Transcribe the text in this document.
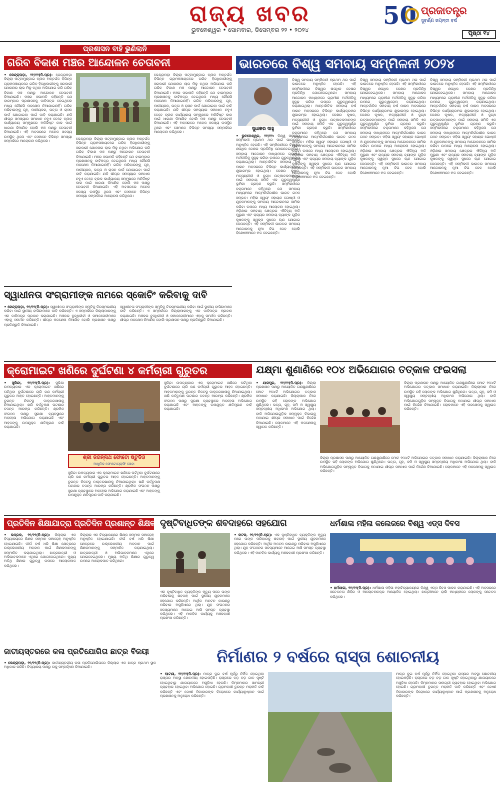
ରାଜ୍ୟ ଖବର
ଭୁବନେଶ୍ୱର • ସୋମବାର, ଡିସେମ୍ବର ୨୨ • ୨୦୨୪
50 ପ୍ରଜାତନ୍ତ୍ର
ସୁବର୍ଣ୍ଣ ଜୟନ୍ତୀ ବର୍ଷ
ପୃଷ୍ଠା ୧୪
ପ୍ରଶାସନ ବାହି ଭୁଣିଲାନି
ଗରିବ ବିକାଶ ମଞ୍ଚର ଆନ୍ଦୋଳନ ଚେତାବନୀ
• କେନ୍ଦ୍ରାପଡ଼ା, ୨୧/୧୨(ନି.ପ୍ର): କେନ୍ଦ୍ରାପଡ଼ା ଜିଲ୍ଲା ପଟ୍ଟାମୁଣ୍ଡାଇ ବ୍ଲକ ଅନ୍ତର୍ଗତ ବିଭିନ୍ନ ଗ୍ରାମପଞ୍ଚାୟତରେ ଗରିବ ହିତାଧିକାରୀଙ୍କୁ ସରକାରୀ ଯୋଜନାର ଲାଭ ମିଳୁ ନଥିବା ଅଭିଯୋଗ କରି ଗରିବ ବିକାଶ ମଞ୍ଚ ପକ୍ଷରୁ ଆନ୍ଦୋଳନ ଚେତାବନୀ ଦିଆଯାଇଛି। ମଞ୍ଚର ସଭାପତି କହିଛନ୍ତି ଯେ ବାରମ୍ବାର ପ୍ରଶାସନକୁ ଦାବିପତ୍ର ଦେଇଥିଲେ ମଧ୍ୟ କୌଣସି ପଦକ୍ଷେପ ନିଆଯାଇନାହିଁ। ଗରିବ ପରିବାରଙ୍କୁ ଗୃହ, ପାନୀୟଜଳ, ଭତ୍ତା ଓ ରାସନ କାର୍ଡ ଯୋଗାଇବା ପାଇଁ ଦାବି କରାଯାଇଛି। ଯଦି ଶୀଘ୍ର ସମସ୍ୟାର ସମାଧାନ ନହୁଏ ତେବେ ବ୍ଲକ କାର୍ଯ୍ୟାଳୟ ସମ୍ମୁଖରେ ଅନିର୍ଦ୍ଦିଷ୍ଟ କାଳ ପାଇଁ ଧାରଣା ଦିଆଯିବ ବୋଲି ମଞ୍ଚ ପକ୍ଷରୁ ଚେତାବନୀ ଦିଆଯାଇଛି। ଏହି ଅବସରରେ ଅନେକ ସଦସ୍ୟ ଉପସ୍ଥିତ ଥିଲେ ଏବଂ ସେମାନେ ବିଭିନ୍ନ ସମସ୍ୟା ସମ୍ପର୍କରେ ଆଲୋଚନା କରିଥିଲେ।
କେନ୍ଦ୍ରାପଡ଼ା ଜିଲ୍ଲା ପଟ୍ଟାମୁଣ୍ଡାଇ ବ୍ଲକ ଅନ୍ତର୍ଗତ ବିଭିନ୍ନ ଗ୍ରାମପଞ୍ଚାୟତରେ ଗରିବ ହିତାଧିକାରୀଙ୍କୁ ସରକାରୀ ଯୋଜନାର ଲାଭ ମିଳୁ ନଥିବା ଅଭିଯୋଗ କରି ଗରିବ ବିକାଶ ମଞ୍ଚ ପକ୍ଷରୁ ଆନ୍ଦୋଳନ ଚେତାବନୀ ଦିଆଯାଇଛି। ମଞ୍ଚର ସଭାପତି କହିଛନ୍ତି ଯେ ବାରମ୍ବାର ପ୍ରଶାସନକୁ ଦାବିପତ୍ର ଦେଇଥିଲେ ମଧ୍ୟ କୌଣସି ପଦକ୍ଷେପ ନିଆଯାଇନାହିଁ। ଗରିବ ପରିବାରଙ୍କୁ ଗୃହ, ପାନୀୟଜଳ, ଭତ୍ତା ଓ ରାସନ କାର୍ଡ ଯୋଗାଇବା ପାଇଁ ଦାବି କରାଯାଇଛି। ଯଦି ଶୀଘ୍ର ସମସ୍ୟାର ସମାଧାନ ନହୁଏ ତେବେ ବ୍ଲକ କାର୍ଯ୍ୟାଳୟ ସମ୍ମୁଖରେ ଅନିର୍ଦ୍ଦିଷ୍ଟ କାଳ ପାଇଁ ଧାରଣା ଦିଆଯିବ ବୋଲି ମଞ୍ଚ ପକ୍ଷରୁ ଚେତାବନୀ ଦିଆଯାଇଛି। ଏହି ଅବସରରେ ଅନେକ ସଦସ୍ୟ ଉପସ୍ଥିତ ଥିଲେ ଏବଂ ସେମାନେ ବିଭିନ୍ନ ସମସ୍ୟା ସମ୍ପର୍କରେ ଆଲୋଚନା କରିଥିଲେ।
କେନ୍ଦ୍ରାପଡ଼ା ଜିଲ୍ଲା ପଟ୍ଟାମୁଣ୍ଡାଇ ବ୍ଲକ ଅନ୍ତର୍ଗତ ବିଭିନ୍ନ ଗ୍ରାମପଞ୍ଚାୟତରେ ଗରିବ ହିତାଧିକାରୀଙ୍କୁ ସରକାରୀ ଯୋଜନାର ଲାଭ ମିଳୁ ନଥିବା ଅଭିଯୋଗ କରି ଗରିବ ବିକାଶ ମଞ୍ଚ ପକ୍ଷରୁ ଆନ୍ଦୋଳନ ଚେତାବନୀ ଦିଆଯାଇଛି। ମଞ୍ଚର ସଭାପତି କହିଛନ୍ତି ଯେ ବାରମ୍ବାର ପ୍ରଶାସନକୁ ଦାବିପତ୍ର ଦେଇଥିଲେ ମଧ୍ୟ କୌଣସି ପଦକ୍ଷେପ ନିଆଯାଇନାହିଁ। ଗରିବ ପରିବାରଙ୍କୁ ଗୃହ, ପାନୀୟଜଳ, ଭତ୍ତା ଓ ରାସନ କାର୍ଡ ଯୋଗାଇବା ପାଇଁ ଦାବି କରାଯାଇଛି। ଯଦି ଶୀଘ୍ର ସମସ୍ୟାର ସମାଧାନ ନହୁଏ ତେବେ ବ୍ଲକ କାର୍ଯ୍ୟାଳୟ ସମ୍ମୁଖରେ ଅନିର୍ଦ୍ଦିଷ୍ଟ କାଳ ପାଇଁ ଧାରଣା ଦିଆଯିବ ବୋଲି ମଞ୍ଚ ପକ୍ଷରୁ ଚେତାବନୀ ଦିଆଯାଇଛି। ଏହି ଅବସରରେ ଅନେକ ସଦସ୍ୟ ଉପସ୍ଥିତ ଥିଲେ ଏବଂ ସେମାନେ ବିଭିନ୍ନ ସମସ୍ୟା ସମ୍ପର୍କରେ ଆଲୋଚନା କରିଥିଲେ।
ସ୍ୱାଧୀନତା ସଂଗ୍ରାମୀଙ୍କ ନାମରେ ସ୍କୋଚିଂ କରିବାକୁ ଦାବି
• କେନ୍ଦ୍ରାପଡ଼ା, ୨୧/୧୨(ନି.ପ୍ର): ସ୍ୱାଧୀନତା ସଂଗ୍ରାମୀଙ୍କ ସ୍ମୃତିକୁ ଚିରସ୍ମରଣୀୟ କରିବା ପାଇଁ ସ୍ଥାନୀୟ ବାସିନ୍ଦାମାନେ ଦାବି କରିଛନ୍ତି। ଏ ସମ୍ପର୍କରେ ଜିଲ୍ଲାପାଳଙ୍କୁ ଏକ ଦାବିପତ୍ର ପ୍ରଦାନ କରାଯାଇଛି। ଅଞ୍ଚଳର ବୁଦ୍ଧିଜୀବୀ ଓ ସମାଜସେବୀମାନେ ଏହାକୁ ସମର୍ଥନ କରିଛନ୍ତି। ଶୀଘ୍ର ପଦକ୍ଷେପ ନିଆଯିବ ବୋଲି ପ୍ରଶାସନ ପକ୍ଷରୁ ପ୍ରତିଶ୍ରୁତି ଦିଆଯାଇଛି।
ସ୍ୱାଧୀନତା ସଂଗ୍ରାମୀଙ୍କ ସ୍ମୃତିକୁ ଚିରସ୍ମରଣୀୟ କରିବା ପାଇଁ ସ୍ଥାନୀୟ ବାସିନ୍ଦାମାନେ ଦାବି କରିଛନ୍ତି। ଏ ସମ୍ପର୍କରେ ଜିଲ୍ଲାପାଳଙ୍କୁ ଏକ ଦାବିପତ୍ର ପ୍ରଦାନ କରାଯାଇଛି। ଅଞ୍ଚଳର ବୁଦ୍ଧିଜୀବୀ ଓ ସମାଜସେବୀମାନେ ଏହାକୁ ସମର୍ଥନ କରିଛନ୍ତି। ଶୀଘ୍ର ପଦକ୍ଷେପ ନିଆଯିବ ବୋଲି ପ୍ରଶାସନ ପକ୍ଷରୁ ପ୍ରତିଶ୍ରୁତି ଦିଆଯାଇଛି।
ଭାରତରେ ବିଶ୍ୱ ସମବାୟ ସମ୍ମିଳନୀ ୨୦୨୪
ସୁଧାକର ସାହୁ
• ଭୁବନେଶ୍ୱର, ୨୧/୧୨: ବିଶ୍ୱ ସମବାୟ ସମ୍ମିଳନୀ ପ୍ରଥମ ଥର ପାଇଁ ଭାରତରେ ଅନୁଷ୍ଠିତ ହେଉଛି। ଏହି ସମ୍ମିଳନୀରେ ବିଶ୍ୱର ଶତାଧିକ ଦେଶର ପ୍ରତିନିଧି ଯୋଗଦେଇଥିଲେ। ସମବାୟ ଆନ୍ଦୋଳନ ମାଧ୍ୟମରେ ଗ୍ରାମୀଣ ଅର୍ଥନୀତିକୁ ସୁଦୃଢ଼ କରିବା ଉପରେ ଗୁରୁତ୍ୱାରୋପ କରାଯାଇଥିଲା। ଆନ୍ତର୍ଜାତିକ ସମବାୟ ବର୍ଷ ପାଳନ ଅବସରରେ ବିଭିନ୍ନ କାର୍ଯ୍ୟକ୍ରମର ଶୁଭାରମ୍ଭ ହୋଇଥିଲା। ଦେଶର କୃଷକ, ମତ୍ସ୍ୟଜୀବୀ ଓ ଦୁଗ୍ଧ ଉତ୍ପାଦକମାନଙ୍କ ପାଇଁ ସମବାୟ ସମିତି ଏକ ଗୁରୁତ୍ୱପୂର୍ଣ୍ଣ ଭୂମିକା ଗ୍ରହଣ କରୁଛି। ସମ୍ମିଳନୀରେ ବକ୍ତାମାନେ କହିଥିଲେ ଯେ ସମବାୟ ମାଧ୍ୟମରେ ଆତ୍ମନିର୍ଭରଶୀଳ ଭାରତ ଗଠନ ସମ୍ଭବ। ମହିଳା ସ୍ୱୟଂ ସହାୟକ ଗୋଷ୍ଠୀ ଓ ଯୁବକମାନଙ୍କୁ ସମବାୟ ଆନ୍ଦୋଳନରେ ସାମିଲ କରିବା ଉପରେ ମଧ୍ୟ ଆଲୋଚନା ହୋଇଥିଲା। ଓଡ଼ିଶାର ସମବାୟ କ୍ଷେତ୍ରର ଐତିହ୍ୟ ଅତି ପୁରୁଣା ଏବଂ ରାଜ୍ୟର ସମବାୟ ବ୍ୟାଙ୍କ ଗୁଡ଼ିକ କୃଷକଙ୍କୁ ସ୍ୱଳ୍ପ ସୁଧରେ ଋଣ ଯୋଗାଇ ଦେଉଛନ୍ତି। ଏହି ସମ୍ମିଳନୀ ଭାରତର ସମବାୟ ଆନ୍ଦୋଳନକୁ ନୂଆ ଦିଗ ଦେବ ବୋଲି ବିଶେଷଜ୍ଞମାନେ ମତ ଦେଇଛନ୍ତି।
ବିଶ୍ୱ ସମବାୟ ସମ୍ମିଳନୀ ପ୍ରଥମ ଥର ପାଇଁ ଭାରତରେ ଅନୁଷ୍ଠିତ ହେଉଛି। ଏହି ସମ୍ମିଳନୀରେ ବିଶ୍ୱର ଶତାଧିକ ଦେଶର ପ୍ରତିନିଧି ଯୋଗଦେଇଥିଲେ। ସମବାୟ ଆନ୍ଦୋଳନ ମାଧ୍ୟମରେ ଗ୍ରାମୀଣ ଅର୍ଥନୀତିକୁ ସୁଦୃଢ଼ କରିବା ଉପରେ ଗୁରୁତ୍ୱାରୋପ କରାଯାଇଥିଲା। ଆନ୍ତର୍ଜାତିକ ସମବାୟ ବର୍ଷ ପାଳନ ଅବସରରେ ବିଭିନ୍ନ କାର୍ଯ୍ୟକ୍ରମର ଶୁଭାରମ୍ଭ ହୋଇଥିଲା। ଦେଶର କୃଷକ, ମତ୍ସ୍ୟଜୀବୀ ଓ ଦୁଗ୍ଧ ଉତ୍ପାଦକମାନଙ୍କ ପାଇଁ ସମବାୟ ସମିତି ଏକ ଗୁରୁତ୍ୱପୂର୍ଣ୍ଣ ଭୂମିକା ଗ୍ରହଣ କରୁଛି। ସମ୍ମିଳନୀରେ ବକ୍ତାମାନେ କହିଥିଲେ ଯେ ସମବାୟ ମାଧ୍ୟମରେ ଆତ୍ମନିର୍ଭରଶୀଳ ଭାରତ ଗଠନ ସମ୍ଭବ। ମହିଳା ସ୍ୱୟଂ ସହାୟକ ଗୋଷ୍ଠୀ ଓ ଯୁବକମାନଙ୍କୁ ସମବାୟ ଆନ୍ଦୋଳନରେ ସାମିଲ କରିବା ଉପରେ ମଧ୍ୟ ଆଲୋଚନା ହୋଇଥିଲା। ଓଡ଼ିଶାର ସମବାୟ କ୍ଷେତ୍ରର ଐତିହ୍ୟ ଅତି ପୁରୁଣା ଏବଂ ରାଜ୍ୟର ସମବାୟ ବ୍ୟାଙ୍କ ଗୁଡ଼ିକ କୃଷକଙ୍କୁ ସ୍ୱଳ୍ପ ସୁଧରେ ଋଣ ଯୋଗାଇ ଦେଉଛନ୍ତି। ଏହି ସମ୍ମିଳନୀ ଭାରତର ସମବାୟ ଆନ୍ଦୋଳନକୁ ନୂଆ ଦିଗ ଦେବ ବୋଲି ବିଶେଷଜ୍ଞମାନେ ମତ ଦେଇଛନ୍ତି।
ବିଶ୍ୱ ସମବାୟ ସମ୍ମିଳନୀ ପ୍ରଥମ ଥର ପାଇଁ ଭାରତରେ ଅନୁଷ୍ଠିତ ହେଉଛି। ଏହି ସମ୍ମିଳନୀରେ ବିଶ୍ୱର ଶତାଧିକ ଦେଶର ପ୍ରତିନିଧି ଯୋଗଦେଇଥିଲେ। ସମବାୟ ଆନ୍ଦୋଳନ ମାଧ୍ୟମରେ ଗ୍ରାମୀଣ ଅର୍ଥନୀତିକୁ ସୁଦୃଢ଼ କରିବା ଉପରେ ଗୁରୁତ୍ୱାରୋପ କରାଯାଇଥିଲା। ଆନ୍ତର୍ଜାତିକ ସମବାୟ ବର୍ଷ ପାଳନ ଅବସରରେ ବିଭିନ୍ନ କାର୍ଯ୍ୟକ୍ରମର ଶୁଭାରମ୍ଭ ହୋଇଥିଲା। ଦେଶର କୃଷକ, ମତ୍ସ୍ୟଜୀବୀ ଓ ଦୁଗ୍ଧ ଉତ୍ପାଦକମାନଙ୍କ ପାଇଁ ସମବାୟ ସମିତି ଏକ ଗୁରୁତ୍ୱପୂର୍ଣ୍ଣ ଭୂମିକା ଗ୍ରହଣ କରୁଛି। ସମ୍ମିଳନୀରେ ବକ୍ତାମାନେ କହିଥିଲେ ଯେ ସମବାୟ ମାଧ୍ୟମରେ ଆତ୍ମନିର୍ଭରଶୀଳ ଭାରତ ଗଠନ ସମ୍ଭବ। ମହିଳା ସ୍ୱୟଂ ସହାୟକ ଗୋଷ୍ଠୀ ଓ ଯୁବକମାନଙ୍କୁ ସମବାୟ ଆନ୍ଦୋଳନରେ ସାମିଲ କରିବା ଉପରେ ମଧ୍ୟ ଆଲୋଚନା ହୋଇଥିଲା। ଓଡ଼ିଶାର ସମବାୟ କ୍ଷେତ୍ରର ଐତିହ୍ୟ ଅତି ପୁରୁଣା ଏବଂ ରାଜ୍ୟର ସମବାୟ ବ୍ୟାଙ୍କ ଗୁଡ଼ିକ କୃଷକଙ୍କୁ ସ୍ୱଳ୍ପ ସୁଧରେ ଋଣ ଯୋଗାଇ ଦେଉଛନ୍ତି। ଏହି ସମ୍ମିଳନୀ ଭାରତର ସମବାୟ ଆନ୍ଦୋଳନକୁ ନୂଆ ଦିଗ ଦେବ ବୋଲି ବିଶେଷଜ୍ଞମାନେ ମତ ଦେଇଛନ୍ତି।
ବିଶ୍ୱ ସମବାୟ ସମ୍ମିଳନୀ ପ୍ରଥମ ଥର ପାଇଁ ଭାରତରେ ଅନୁଷ୍ଠିତ ହେଉଛି। ଏହି ସମ୍ମିଳନୀରେ ବିଶ୍ୱର ଶତାଧିକ ଦେଶର ପ୍ରତିନିଧି ଯୋଗଦେଇଥିଲେ। ସମବାୟ ଆନ୍ଦୋଳନ ମାଧ୍ୟମରେ ଗ୍ରାମୀଣ ଅର୍ଥନୀତିକୁ ସୁଦୃଢ଼ କରିବା ଉପରେ ଗୁରୁତ୍ୱାରୋପ କରାଯାଇଥିଲା। ଆନ୍ତର୍ଜାତିକ ସମବାୟ ବର୍ଷ ପାଳନ ଅବସରରେ ବିଭିନ୍ନ କାର୍ଯ୍ୟକ୍ରମର ଶୁଭାରମ୍ଭ ହୋଇଥିଲା। ଦେଶର କୃଷକ, ମତ୍ସ୍ୟଜୀବୀ ଓ ଦୁଗ୍ଧ ଉତ୍ପାଦକମାନଙ୍କ ପାଇଁ ସମବାୟ ସମିତି ଏକ ଗୁରୁତ୍ୱପୂର୍ଣ୍ଣ ଭୂମିକା ଗ୍ରହଣ କରୁଛି। ସମ୍ମିଳନୀରେ ବକ୍ତାମାନେ କହିଥିଲେ ଯେ ସମବାୟ ମାଧ୍ୟମରେ ଆତ୍ମନିର୍ଭରଶୀଳ ଭାରତ ଗଠନ ସମ୍ଭବ। ମହିଳା ସ୍ୱୟଂ ସହାୟକ ଗୋଷ୍ଠୀ ଓ ଯୁବକମାନଙ୍କୁ ସମବାୟ ଆନ୍ଦୋଳନରେ ସାମିଲ କରିବା ଉପରେ ମଧ୍ୟ ଆଲୋଚନା ହୋଇଥିଲା। ଓଡ଼ିଶାର ସମବାୟ କ୍ଷେତ୍ରର ଐତିହ୍ୟ ଅତି ପୁରୁଣା ଏବଂ ରାଜ୍ୟର ସମବାୟ ବ୍ୟାଙ୍କ ଗୁଡ଼ିକ କୃଷକଙ୍କୁ ସ୍ୱଳ୍ପ ସୁଧରେ ଋଣ ଯୋଗାଇ ଦେଉଛନ୍ତି। ଏହି ସମ୍ମିଳନୀ ଭାରତର ସମବାୟ ଆନ୍ଦୋଳନକୁ ନୂଆ ଦିଗ ଦେବ ବୋଲି ବିଶେଷଜ୍ଞମାନେ ମତ ଦେଇଛନ୍ତି।
କ୍ରୋମାଇଟ ଖଣିରେ ଦୁର୍ଘଟଣା ୪ କର୍ମଚାରୀ ଗୁରୁତର
• ସୁକିନ୍ଦା, ୨୧/୧୨(ନି.ପ୍ର): ସୁକିନ୍ଦା ଉପତ୍ୟକାର ଏକ କ୍ରୋମାଇଟ ଖଣିରେ ଘଟିଥିବା ଦୁର୍ଘଟଣାରେ ଚାରି ଜଣ କର୍ମଚାରୀ ଗୁରୁତର ଆହତ ହୋଇଛନ୍ତି। ଆହତମାନଙ୍କୁ ତୁରନ୍ତ ନିକଟସ୍ଥ ଡାକ୍ତରଖାନାକୁ ନିଆଯାଇଥିଲା। ଖଣି କର୍ତ୍ତୃପକ୍ଷ ଘଟଣାର ତଦନ୍ତ ଆରମ୍ଭ କରିଛନ୍ତି। ଶ୍ରମିକ ସଂଗଠନ ପକ୍ଷରୁ ସୁରକ୍ଷା ବ୍ୟବସ୍ଥାରେ ଅବହେଳା ଅଭିଯୋଗ କରାଯାଇଛି ଏବଂ ଆହତଙ୍କୁ ଉପଯୁକ୍ତ କ୍ଷତିପୂରଣ ଦାବି କରାଯାଇଛି।
ଶ୍ରୀ ଜଗନ୍ନାଥ ଫୋଟୋ ଷ୍ଟୁଡିଓ
ଆଧୁନିକ ଫୋଟୋଗ୍ରାଫି ସେବା
ସୁକିନ୍ଦା ଉପତ୍ୟକାର ଏକ କ୍ରୋମାଇଟ ଖଣିରେ ଘଟିଥିବା ଦୁର୍ଘଟଣାରେ ଚାରି ଜଣ କର୍ମଚାରୀ ଗୁରୁତର ଆହତ ହୋଇଛନ୍ତି। ଆହତମାନଙ୍କୁ ତୁରନ୍ତ ନିକଟସ୍ଥ ଡାକ୍ତରଖାନାକୁ ନିଆଯାଇଥିଲା। ଖଣି କର୍ତ୍ତୃପକ୍ଷ ଘଟଣାର ତଦନ୍ତ ଆରମ୍ଭ କରିଛନ୍ତି। ଶ୍ରମିକ ସଂଗଠନ ପକ୍ଷରୁ ସୁରକ୍ଷା ବ୍ୟବସ୍ଥାରେ ଅବହେଳା ଅଭିଯୋଗ କରାଯାଇଛି ଏବଂ ଆହତଙ୍କୁ ଉପଯୁକ୍ତ କ୍ଷତିପୂରଣ ଦାବି କରାଯାଇଛି।
ସୁକିନ୍ଦା ଉପତ୍ୟକାର ଏକ କ୍ରୋମାଇଟ ଖଣିରେ ଘଟିଥିବା ଦୁର୍ଘଟଣାରେ ଚାରି ଜଣ କର୍ମଚାରୀ ଗୁରୁତର ଆହତ ହୋଇଛନ୍ତି। ଆହତମାନଙ୍କୁ ତୁରନ୍ତ ନିକଟସ୍ଥ ଡାକ୍ତରଖାନାକୁ ନିଆଯାଇଥିଲା। ଖଣି କର୍ତ୍ତୃପକ୍ଷ ଘଟଣାର ତଦନ୍ତ ଆରମ୍ଭ କରିଛନ୍ତି। ଶ୍ରମିକ ସଂଗଠନ ପକ୍ଷରୁ ସୁରକ୍ଷା ବ୍ୟବସ୍ଥାରେ ଅବହେଳା ଅଭିଯୋଗ କରାଯାଇଛି ଏବଂ ଆହତଙ୍କୁ ଉପଯୁକ୍ତ କ୍ଷତିପୂରଣ ଦାବି କରାଯାଇଛି।
ଯକ୍ଷ୍ମା ଶୁଣାଣିରେ ୧୦୪ ଅଭିଯୋଗର ତତ୍କାଳ ଫଇସଲା
• ଯାଜପୁର, ୨୧/୧୨(ନି.ପ୍ର): ଜିଲ୍ଲା ପ୍ରଶାସନ ପକ୍ଷରୁ ଆୟୋଜିତ ଗଣଶୁଣାଣିରେ ମୋଟ ୧୦୪ଟି ଅଭିଯୋଗର ତତ୍କାଳ ସମାଧାନ କରାଯାଇଛି। ଜିଲ୍ଲାପାଳ ନିଜେ ଉପସ୍ଥିତ ରହି ଲୋକଙ୍କ ଅଭିଯୋଗ ଶୁଣିଥିଲେ। ଭତ୍ତା, ଗୃହ, ଜମି ଓ ସ୍ୱାସ୍ଥ୍ୟ ସମ୍ବନ୍ଧୀୟ ଅଧିକାଂଶ ଅଭିଯୋଗ ଥିଲା। ବାକି ଅଭିଯୋଗଗୁଡ଼ିକ ସମ୍ପୃକ୍ତ ବିଭାଗକୁ ପଠାଯାଇ ଶୀଘ୍ର ସମାଧାନ ପାଇଁ ନିର୍ଦ୍ଦେଶ ଦିଆଯାଇଛି। ଲୋକମାନେ ଏହି ପଦକ୍ଷେପକୁ ସ୍ୱାଗତ କରିଛନ୍ତି।
ଜିଲ୍ଲା ପ୍ରଶାସନ ପକ୍ଷରୁ ଆୟୋଜିତ ଗଣଶୁଣାଣିରେ ମୋଟ ୧୦୪ଟି ଅଭିଯୋଗର ତତ୍କାଳ ସମାଧାନ କରାଯାଇଛି। ଜିଲ୍ଲାପାଳ ନିଜେ ଉପସ୍ଥିତ ରହି ଲୋକଙ୍କ ଅଭିଯୋଗ ଶୁଣିଥିଲେ। ଭତ୍ତା, ଗୃହ, ଜମି ଓ ସ୍ୱାସ୍ଥ୍ୟ ସମ୍ବନ୍ଧୀୟ ଅଧିକାଂଶ ଅଭିଯୋଗ ଥିଲା। ବାକି ଅଭିଯୋଗଗୁଡ଼ିକ ସମ୍ପୃକ୍ତ ବିଭାଗକୁ ପଠାଯାଇ ଶୀଘ୍ର ସମାଧାନ ପାଇଁ ନିର୍ଦ୍ଦେଶ ଦିଆଯାଇଛି। ଲୋକମାନେ ଏହି ପଦକ୍ଷେପକୁ ସ୍ୱାଗତ କରିଛନ୍ତି।
ଜିଲ୍ଲା ପ୍ରଶାସନ ପକ୍ଷରୁ ଆୟୋଜିତ ଗଣଶୁଣାଣିରେ ମୋଟ ୧୦୪ଟି ଅଭିଯୋଗର ତତ୍କାଳ ସମାଧାନ କରାଯାଇଛି। ଜିଲ୍ଲାପାଳ ନିଜେ ଉପସ୍ଥିତ ରହି ଲୋକଙ୍କ ଅଭିଯୋଗ ଶୁଣିଥିଲେ। ଭତ୍ତା, ଗୃହ, ଜମି ଓ ସ୍ୱାସ୍ଥ୍ୟ ସମ୍ବନ୍ଧୀୟ ଅଧିକାଂଶ ଅଭିଯୋଗ ଥିଲା। ବାକି ଅଭିଯୋଗଗୁଡ଼ିକ ସମ୍ପୃକ୍ତ ବିଭାଗକୁ ପଠାଯାଇ ଶୀଘ୍ର ସମାଧାନ ପାଇଁ ନିର୍ଦ୍ଦେଶ ଦିଆଯାଇଛି। ଲୋକମାନେ ଏହି ପଦକ୍ଷେପକୁ ସ୍ୱାଗତ କରିଛନ୍ତି।
ପ୍ରତିଦିନ ଶିକ୍ଷାଯାତ୍ରା ପ୍ରତିଦିନ ପ୍ରଶାନ୍ତ ଶିକ୍ଷକ ସମ୍ମାନ
• ଭଦ୍ରକ, ୨୧/୧୨(ନି.ପ୍ର): ଜିଲ୍ଲାର ଏକ ବିଦ୍ୟାଳୟରେ ଶିକ୍ଷକ ସମ୍ମାନ ସମାରୋହ ଅନୁଷ୍ଠିତ ହୋଇଯାଇଛି। ଦୀର୍ଘ ବର୍ଷ ଧରି ଶିକ୍ଷା କ୍ଷେତ୍ରରେ ଉଲ୍ଲେଖନୀୟ ଅବଦାନ ପାଇଁ ଶିକ୍ଷକମାନଙ୍କୁ ସମ୍ମାନିତ କରାଯାଇଥିଲା। ଛାତ୍ରଛାତ୍ରୀ ଓ ଅଭିଭାବକମାନେ ଏଥିରେ ଯୋଗଦେଇଥିଲେ। ମୁଖ୍ୟ ଅତିଥି ଶିକ୍ଷାର ଗୁରୁତ୍ୱ ଉପରେ ଆଲୋକପାତ କରିଥିଲେ।
ଜିଲ୍ଲାର ଏକ ବିଦ୍ୟାଳୟରେ ଶିକ୍ଷକ ସମ୍ମାନ ସମାରୋହ ଅନୁଷ୍ଠିତ ହୋଇଯାଇଛି। ଦୀର୍ଘ ବର୍ଷ ଧରି ଶିକ୍ଷା କ୍ଷେତ୍ରରେ ଉଲ୍ଲେଖନୀୟ ଅବଦାନ ପାଇଁ ଶିକ୍ଷକମାନଙ୍କୁ ସମ୍ମାନିତ କରାଯାଇଥିଲା। ଛାତ୍ରଛାତ୍ରୀ ଓ ଅଭିଭାବକମାନେ ଏଥିରେ ଯୋଗଦେଇଥିଲେ। ମୁଖ୍ୟ ଅତିଥି ଶିକ୍ଷାର ଗୁରୁତ୍ୱ ଉପରେ ଆଲୋକପାତ କରିଥିଲେ।
ଦୃଷ୍ଟିବାଧିତଙ୍କ ଶବଦାହରେ ସହଯୋଗ
• କଟକ, ୨୧/୧୨(ନି.ପ୍ର): ଏକ ଦୃଷ୍ଟିବାଧିତ ବ୍ୟକ୍ତିଙ୍କ ମୃତ୍ୟୁ ପରେ ତାଙ୍କ ପରିବାରକୁ ଶବଦାହ ପାଇଁ ସ୍ଥାନୀୟ ଯୁବକମାନେ ସହଯୋଗ କରିଛନ୍ତି। ଆର୍ଥିକ ଅନଟନ କାରଣରୁ ପରିବାର ଅସୁବିଧାରେ ଥିଲା। ଯୁବ ସଂଗଠନର ସଦସ୍ୟମାନେ ଆଗେଇ ଆସି ସମସ୍ତ ବ୍ୟବସ୍ଥା କରିଥିଲେ। ଏହି ମାନବିକ କାର୍ଯ୍ୟକୁ ଅଞ୍ଚଳବାସୀ ପ୍ରଶଂସା କରିଛନ୍ତି।
ଏକ ଦୃଷ୍ଟିବାଧିତ ବ୍ୟକ୍ତିଙ୍କ ମୃତ୍ୟୁ ପରେ ତାଙ୍କ ପରିବାରକୁ ଶବଦାହ ପାଇଁ ସ୍ଥାନୀୟ ଯୁବକମାନେ ସହଯୋଗ କରିଛନ୍ତି। ଆର୍ଥିକ ଅନଟନ କାରଣରୁ ପରିବାର ଅସୁବିଧାରେ ଥିଲା। ଯୁବ ସଂଗଠନର ସଦସ୍ୟମାନେ ଆଗେଇ ଆସି ସମସ୍ତ ବ୍ୟବସ୍ଥା କରିଥିଲେ। ଏହି ମାନବିକ କାର୍ଯ୍ୟକୁ ଅଞ୍ଚଳବାସୀ ପ୍ରଶଂସା କରିଛନ୍ତି।
ଧର୍ମଶାଳା ମହିଳା କଲେଜରେ ବିଶ୍ୱ ଏଡ୍ସ ଦିବସ
• ଧର୍ମଶାଳା, ୨୧/୧୨(ନି.ପ୍ର): ଧର୍ମଶାଳା ମହିଳା ମହାବିଦ୍ୟାଳୟରେ ବିଶ୍ୱ ଏଡ୍ସ ଦିବସ ପାଳନ କରାଯାଇଛି। ଏହି ଅବସରରେ ସଚେତନତା ଶିବିର ଓ ଆଲୋଚନାଚକ୍ର ଆୟୋଜିତ ହୋଇଥିଲା। ଛାତ୍ରୀମାନେ ରାଲି ମାଧ୍ୟମରେ ଲୋକଙ୍କୁ ସଚେତନ କରିଥିଲେ।
ନିର୍ମାଣର ୨ ବର୍ଷରେ ରାସ୍ତା ଶୋଚନୀୟ
• ପାଟଣା, ୨୧/୧୨(ନି.ପ୍ର): ମାତ୍ର ଦୁଇ ବର୍ଷ ପୂର୍ବରୁ ନିର୍ମିତ ହୋଇଥିବା ରାସ୍ତାର ଅବସ୍ଥା ଶୋଚନୀୟ ହୋଇପଡ଼ିଛି। ରାସ୍ତାରେ ବଡ଼ ବଡ଼ ଗାତ ସୃଷ୍ଟି ହୋଇଥିବାରୁ ଯାତାୟାତରେ ଅସୁବିଧା ହେଉଛି। ନିମ୍ନମାନର ସାମଗ୍ରୀ ବ୍ୟବହାର ହୋଇଥିବା ଅଭିଯୋଗ ହୋଇଛି। ଗ୍ରାମବାସୀ ତୁରନ୍ତ ମରାମତି ଦାବି କରିଛନ୍ତି ଏବଂ ଦୋଷୀ ଠିକାଦାରଙ୍କ ବିରୋଧରେ କାର୍ଯ୍ୟାନୁଷ୍ଠାନ ପାଇଁ ପ୍ରଶାସନକୁ ଅନୁରୋଧ କରିଛନ୍ତି।
ମାତ୍ର ଦୁଇ ବର୍ଷ ପୂର୍ବରୁ ନିର୍ମିତ ହୋଇଥିବା ରାସ୍ତାର ଅବସ୍ଥା ଶୋଚନୀୟ ହୋଇପଡ଼ିଛି। ରାସ୍ତାରେ ବଡ଼ ବଡ଼ ଗାତ ସୃଷ୍ଟି ହୋଇଥିବାରୁ ଯାତାୟାତରେ ଅସୁବିଧା ହେଉଛି। ନିମ୍ନମାନର ସାମଗ୍ରୀ ବ୍ୟବହାର ହୋଇଥିବା ଅଭିଯୋଗ ହୋଇଛି। ଗ୍ରାମବାସୀ ତୁରନ୍ତ ମରାମତି ଦାବି କରିଛନ୍ତି ଏବଂ ଦୋଷୀ ଠିକାଦାରଙ୍କ ବିରୋଧରେ କାର୍ଯ୍ୟାନୁଷ୍ଠାନ ପାଇଁ ପ୍ରଶାସନକୁ ଅନୁରୋଧ କରିଛନ୍ତି।
ଜାତୀୟସ୍ତରରେ କଳା ପ୍ରତିଯୋଗିତା ଛାତ୍ର ବିଜୟୀ
• କେନ୍ଦ୍ରାପଡ଼ା, ୨୧/୧୨(ନି.ପ୍ର): ଜାତୀୟସ୍ତରୀୟ କଳା ପ୍ରତିଯୋଗିତାରେ ଜିଲ୍ଲାର ଏକ ଛାତ୍ର ପ୍ରଥମ ସ୍ଥାନ ଅଧିକାର କରିଛି। ବିଦ୍ୟାଳୟ ପକ୍ଷରୁ ତାକୁ ସମ୍ବର୍ଦ୍ଧନା ଦିଆଯାଇଛି।
